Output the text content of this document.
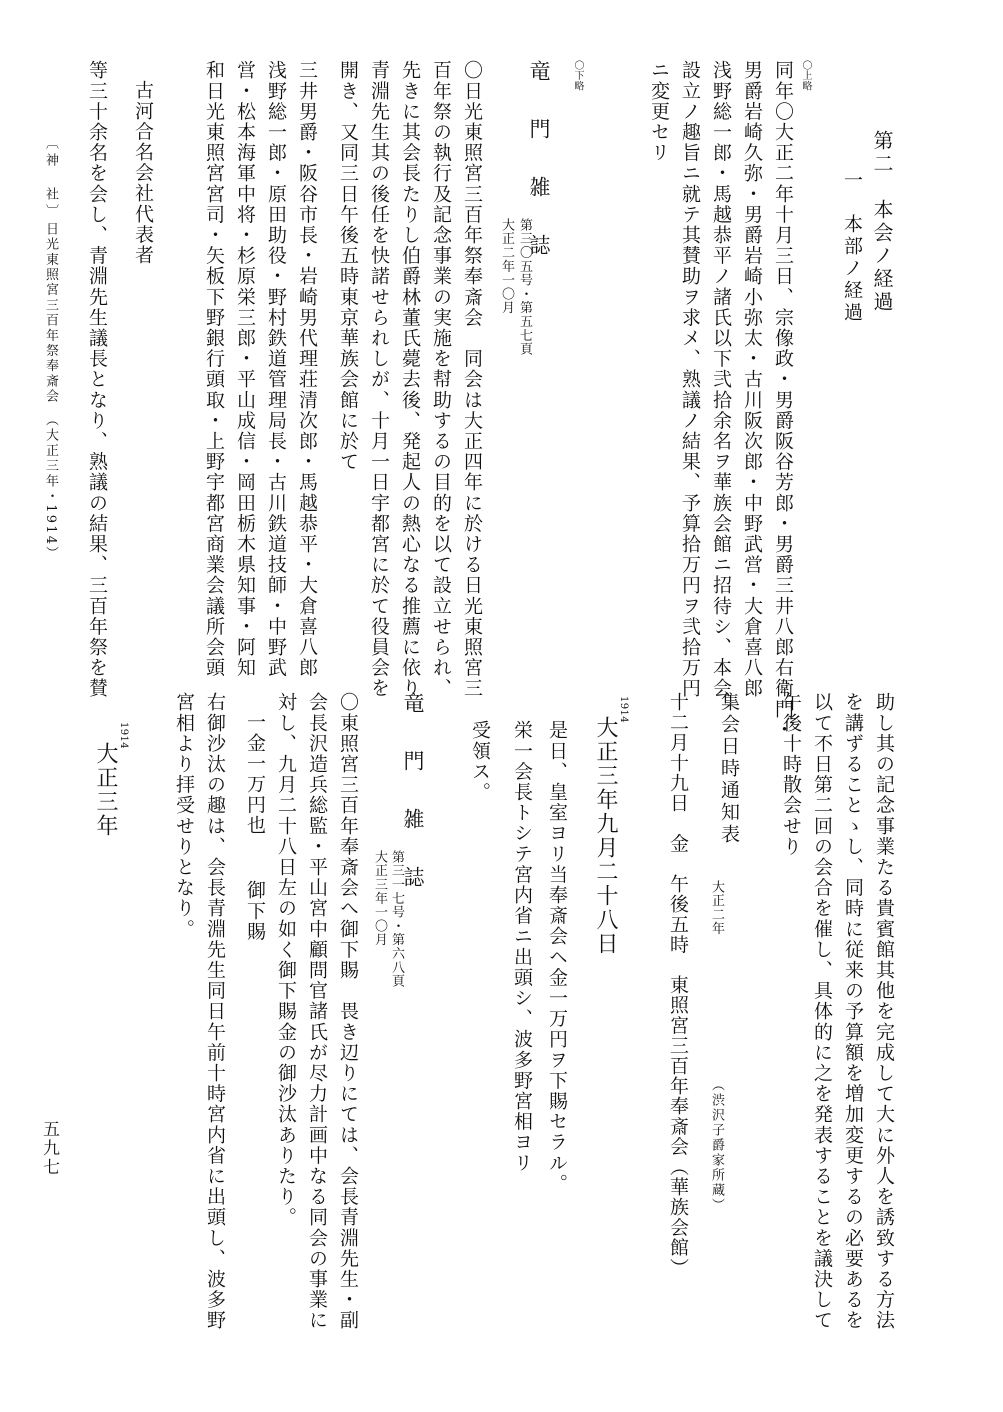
第二　本会ノ経過
一　本部ノ経過
〇上略
同年〇大正二年十月三日、宗像政・男爵阪谷芳郎・男爵三井八郎右衛門・
男爵岩崎久弥・男爵岩崎小弥太・古川阪次郎・中野武営・大倉喜八郎
浅野総一郎・馬越恭平ノ諸氏以下弐拾余名ヲ華族会館ニ招待シ、本会
設立ノ趣旨ニ就テ其賛助ヲ求メ、熟議ノ結果、予算拾万円ヲ弐拾万円
ニ変更セリ
〇下略
竜　門　雑　誌
第三〇五号・第五七頁
大正二年一〇月
〇日光東照宮三百年祭奉斎会　同会は大正四年に於ける日光東照宮三
百年祭の執行及記念事業の実施を幇助するの目的を以て設立せられ、
先きに其会長たりし伯爵林董氏薨去後、発起人の熱心なる推薦に依り
青淵先生其の後任を快諾せられしが、十月一日宇都宮に於て役員会を
開き、又同三日午後五時東京華族会館に於て
三井男爵・阪谷市長・岩崎男代理荘清次郎・馬越恭平・大倉喜八郎
浅野総一郎・原田助役・野村鉄道管理局長・古川鉄道技師・中野武
営・松本海軍中将・杉原栄三郎・平山成信・岡田栃木県知事・阿知
和日光東照宮宮司・矢板下野銀行頭取・上野宇都宮商業会議所会頭
古河合名会社代表者
等三十余名を会し、青淵先生議長となり、熟議の結果、三百年祭を賛
〔神　社〕
日光東照宮三百年祭奉斎会　（大正三年・1914）
助し其の記念事業たる貴賓館其他を完成して大に外人を誘致する方法
を講ずることゝし、同時に従来の予算額を増加変更するの必要あるを
以て不日第二回の会合を催し、具体的に之を発表することを議決して
午後十時散会せり
集会日時通知表
大正二年
（渋沢子爵家所蔵）
十二月十九日　金　午後五時　東照宮三百年奉斎会（華族会館）
1914
大正三年九月二十八日
是日、皇室ヨリ当奉斎会ヘ金一万円ヲ下賜セラル。
栄一会長トシテ宮内省ニ出頭シ、波多野宮相ヨリ
受領ス。
竜　門　雑　誌
第三一七号・第六八頁
大正三年一〇月
〇東照宮三百年奉斎会へ御下賜　畏き辺りにては、会長青淵先生・副
会長沢造兵総監・平山宮中顧問官諸氏が尽力計画中なる同会の事業に
対し、九月二十八日左の如く御下賜金の御沙汰ありたり。
一金一万円也
御下賜
右御沙汰の趣は、会長青淵先生同日午前十時宮内省に出頭し、波多野
宮相より拝受せりとなり。
1914
大正三年
五九七
